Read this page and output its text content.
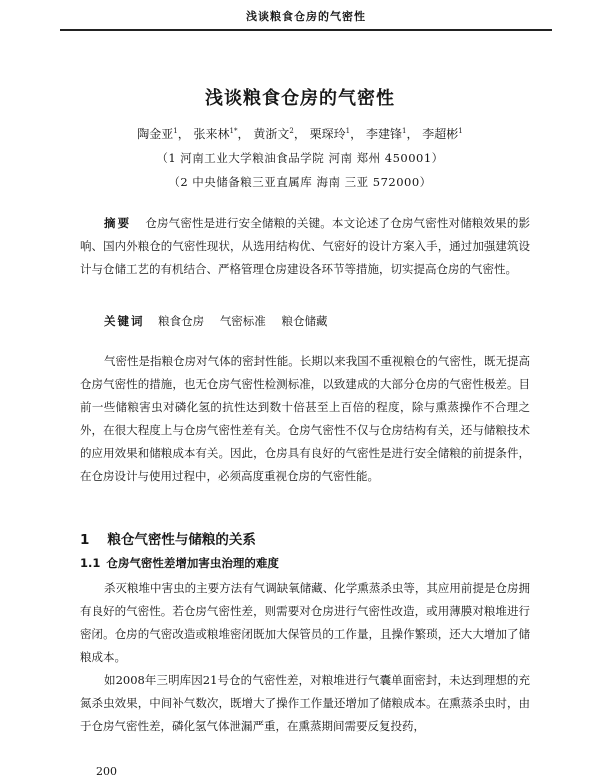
浅谈粮食仓房的气密性
浅谈粮食仓房的气密性
陶金亚$^1$， 张来林$^{1*}$， 黄浙文$^2$， 栗琛玲$^1$， 李建锋$^1$， 李超彬$^1$
（1 河南工业大学粮油食品学院 河南 郑州 450001）
（2 中央储备粮三亚直属库 海南 三亚 572000）

摘要 仓房气密性是进行安全储粮的关键。本文论述了仓房气密性对储粮效果的影响、国内外粮仓的气密性现状，从选用结构优、气密好的设计方案入手，通过加强建筑设计与仓储工艺的有机结合、严格管理仓房建设各环节等措施，切实提高仓房的气密性。

关键词 粮食仓房 气密标准 粮仓储藏

气密性是指粮仓房对气体的密封性能。长期以来我国不重视粮仓的气密性，既无提高仓房气密性的措施，也无仓房气密性检测标准，以致建成的大部分仓房的气密性极差。目前一些储粮害虫对磷化氢的抗性达到数十倍甚至上百倍的程度，除与熏蒸操作不合理之外，在很大程度上与仓房气密性差有关。仓房气密性不仅与仓房结构有关，还与储粮技术的应用效果和储粮成本有关。因此，仓房具有良好的气密性是进行安全储粮的前提条件，在仓房设计与使用过程中，必须高度重视仓房的气密性能。

1 粮仓气密性与储粮的关系
1.1 仓房气密性差增加害虫治理的难度

杀灭粮堆中害虫的主要方法有气调缺氧储藏、化学熏蒸杀虫等，其应用前提是仓房拥有良好的气密性。若仓房气密性差，则需要对仓房进行气密性改造，或用薄膜对粮堆进行密闭。仓房的气密改造或粮堆密闭既加大保管员的工作量，且操作繁琐，还大大增加了储粮成本。

如2008年三明库因21号仓的气密性差，对粮堆进行气囊单面密封，未达到理想的充氮杀虫效果，中间补气数次，既增大了操作工作量还增加了储粮成本。在熏蒸杀虫时，由于仓房气密性差，磷化氢气体泄漏严重，在熏蒸期间需要反复投药，

200
